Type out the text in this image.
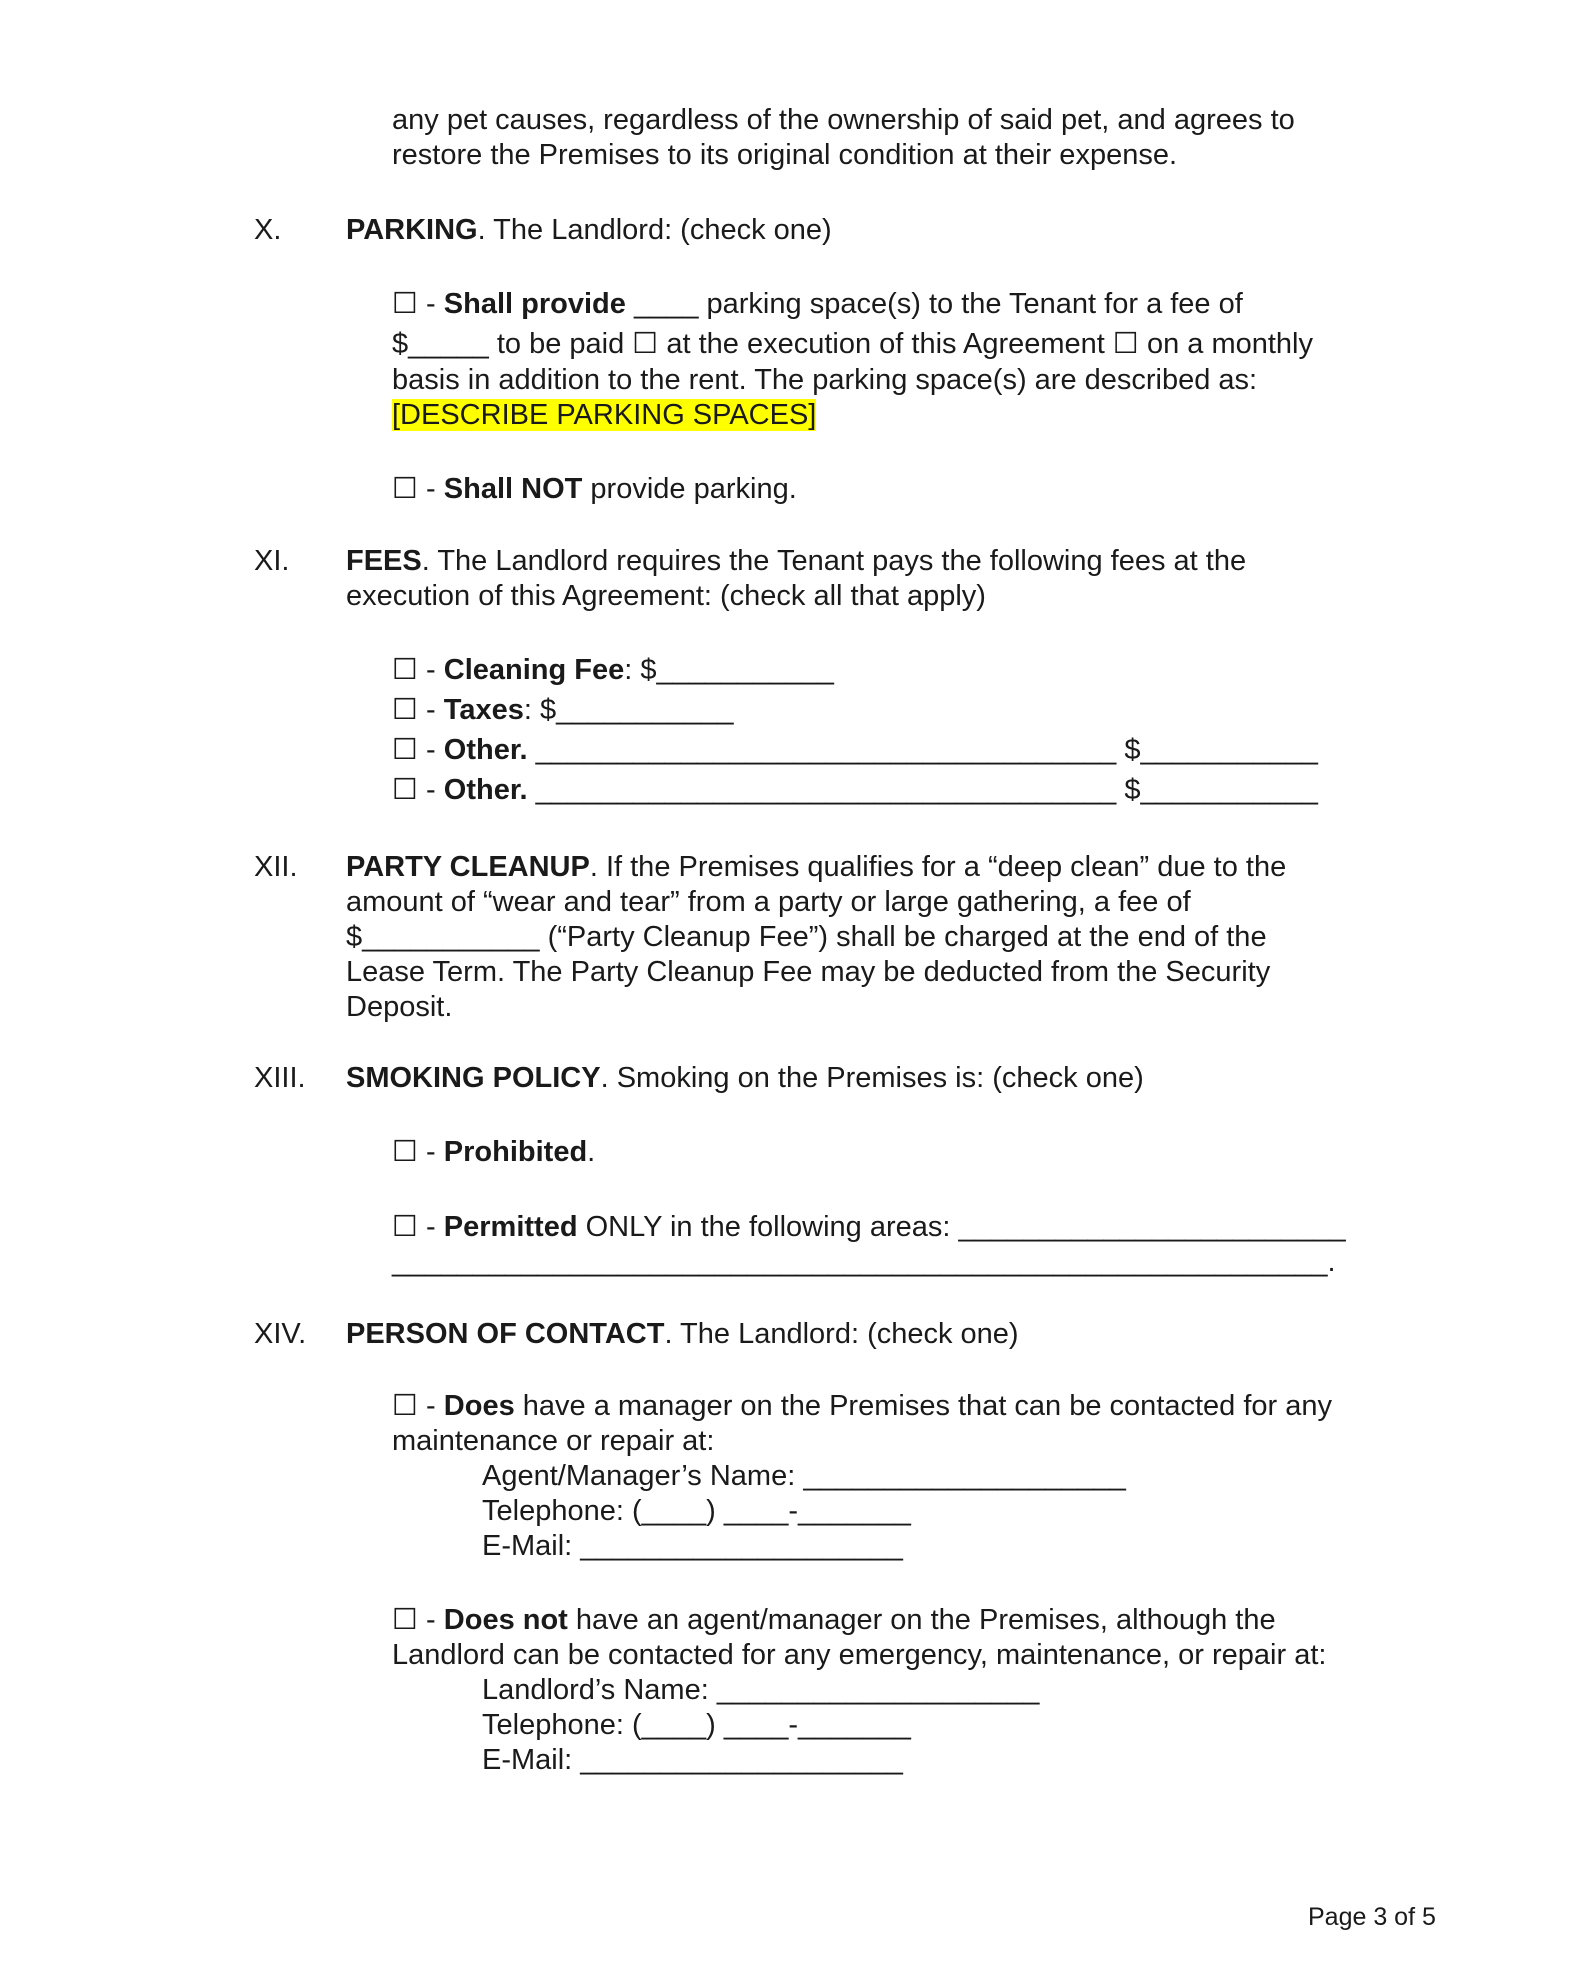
any pet causes, regardless of the ownership of said pet, and agrees to
restore the Premises to its original condition at their expense.
X. PARKING. The Landlord: (check one)
☐ - Shall provide ____ parking space(s) to the Tenant for a fee of
$_____ to be paid ☐ at the execution of this Agreement ☐ on a monthly
basis in addition to the rent. The parking space(s) are described as:
[DESCRIBE PARKING SPACES]
☐ - Shall NOT provide parking.
XI. FEES. The Landlord requires the Tenant pays the following fees at the
execution of this Agreement: (check all that apply)
☐ - Cleaning Fee: $___________
☐ - Taxes: $___________
☐ - Other. ____________________________________ $___________
☐ - Other. ____________________________________ $___________
XII. PARTY CLEANUP. If the Premises qualifies for a “deep clean” due to the
amount of “wear and tear” from a party or large gathering, a fee of
$___________ (“Party Cleanup Fee”) shall be charged at the end of the
Lease Term. The Party Cleanup Fee may be deducted from the Security
Deposit.
XIII. SMOKING POLICY. Smoking on the Premises is: (check one)
☐ - Prohibited.
☐ - Permitted ONLY in the following areas: ________________________
__________________________________________________________.
XIV. PERSON OF CONTACT. The Landlord: (check one)
☐ - Does have a manager on the Premises that can be contacted for any
maintenance or repair at:
Agent/Manager’s Name: ____________________
Telephone: (____) ____-_______
E-Mail: ____________________
☐ - Does not have an agent/manager on the Premises, although the
Landlord can be contacted for any emergency, maintenance, or repair at:
Landlord’s Name: ____________________
Telephone: (____) ____-_______
E-Mail: ____________________
Page 3 of 5
